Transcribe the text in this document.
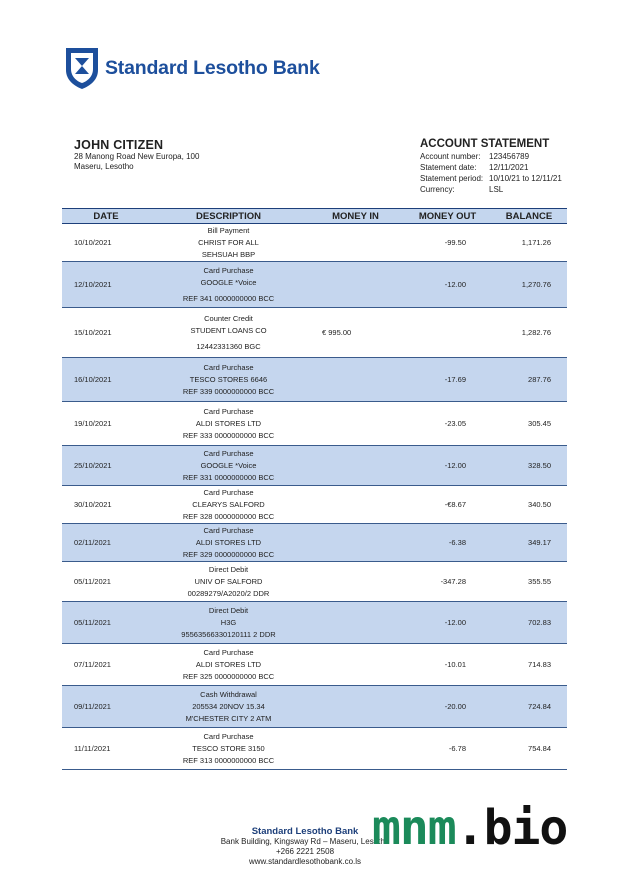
Standard Lesotho Bank
JOHN CITIZEN
28 Manong Road New Europa, 100
Maseru, Lesotho
ACCOUNT STATEMENT
Account number:	123456789
Statement date:	12/11/2021
Statement period: 10/10/21 to 12/11/21
Currency:	LSL
DATE	DESCRIPTION	MONEY IN	MONEY OUT	BALANCE
10/10/2021	Bill Payment
CHRIST FOR ALL
SEHSUAH BBP		-99.50	1,171.26
12/10/2021	Card Purchase
GOOGLE *Voice
REF 341 0000000000 BCC		-12.00	1,270.76
15/10/2021	Counter Credit
STUDENT LOANS CO
12442331360 BGC	€ 995.00		1,282.76
16/10/2021	Card Purchase
TESCO STORES 6646
REF 339 0000000000 BCC		-17.69	287.76
19/10/2021	Card Purchase
ALDI STORES LTD
REF 333 0000000000 BCC		-23.05	305.45
25/10/2021	Card Purchase
GOOGLE *Voice
REF 331 0000000000 BCC		-12.00	328.50
30/10/2021	Card Purchase
CLEARYS SALFORD
REF 328 0000000000 BCC		-€8.67	340.50
02/11/2021	Card Purchase
ALDI STORES LTD
REF 329 0000000000 BCC		-6.38	349.17
05/11/2021	Direct Debit
UNIV OF SALFORD
00289279/A2020/2 DDR		-347.28	355.55
05/11/2021	Direct Debit
H3G
95563566330120111 2 DDR		-12.00	702.83
07/11/2021	Card Purchase
ALDI STORES LTD
REF 325 0000000000 BCC		-10.01	714.83
09/11/2021	Cash Withdrawal
205534 20NOV 15.34
M'CHESTER CITY 2 ATM		-20.00	724.84
11/11/2021	Card Purchase
TESCO STORE 3150
REF 313 0000000000 BCC		-6.78	754.84
Standard Lesotho Bank
Bank Building, Kingsway Rd – Maseru, Lesotho
+266 2221 2508
www.standardlesothobank.co.ls
mnm.bio
